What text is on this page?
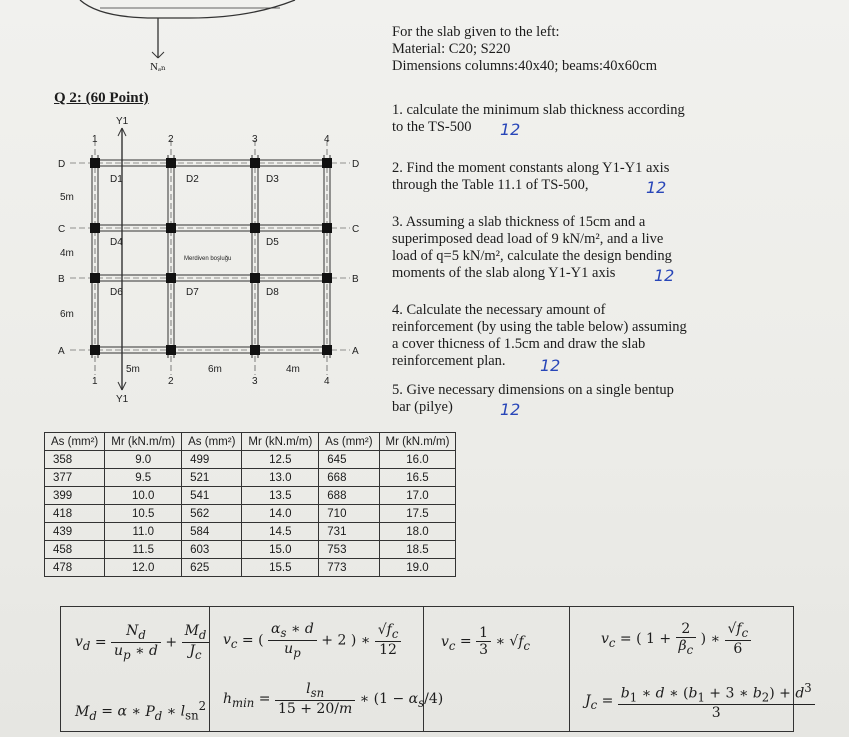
Nₐₙ
Q 2: (60 Point)
1
Y1
2	3	4
1
Y1
2	3	4
D
C
B
A
D
C
B
A
5m
4m
6m
5m	6m	4m
D1	D2	D3
D4	D5
D6	D7	D8
Merdiven boşluğu
For the slab given to the left:
Material: C20; S220
Dimensions columns:40x40; beams:40x60cm
1. calculate the minimum slab thickness according
to the TS-500	12
2. Find the moment constants along Y1-Y1 axis
through the Table 11.1 of TS-500,	12
3. Assuming a slab thickness of 15cm and a
superimposed dead load of 9 kN/m², and a live
load of q=5 kN/m², calculate the design bending
moments of the slab along Y1-Y1 axis	12
4. Calculate the necessary amount of
reinforcement (by using the table below) assuming
a cover thicness of 1.5cm and draw the slab
reinforcement plan.	12
5. Give necessary dimensions on a single bentup
bar (pilye)	12
As (mm²)	Mr (kN.m/m)	As (mm²)	Mr (kN.m/m)	As (mm²)	Mr (kN.m/m)
358	9.0	499	12.5	645	16.0
377	9.5	521	13.0	668	16.5
399	10.0	541	13.5	688	17.0
418	10.5	562	14.0	710	17.5
439	11.0	584	14.5	731	18.0
458	11.5	603	15.0	753	18.5
478	12.0	625	15.5	773	19.0
$v_d = \frac{N_d}{u_p ∗ d} + \frac{M_d}{J_c}$
$M_d = \alpha$ ∗ $P_d$ ∗ $l_{sn}^2$
$v_c$ = ( $\frac{\alpha_s ∗ d}{u_p} + 2$ ) ∗ $\frac{√f_c}{12}$
$h_{min} = \frac{l_{sn}}{15 + 20/m}$ ∗ $(1 - \alpha_s/4)$
$v_c = \frac{1}{3}$ ∗ $√f_c$	$v_c$ = ( $1 + \frac{2}{\beta_c}$ ) ∗ $\frac{√f_c}{6}$
$J_c = \frac{b_1 ∗ d ∗ (b_1 + 3 ∗ b_2) + d^3}{3}$
